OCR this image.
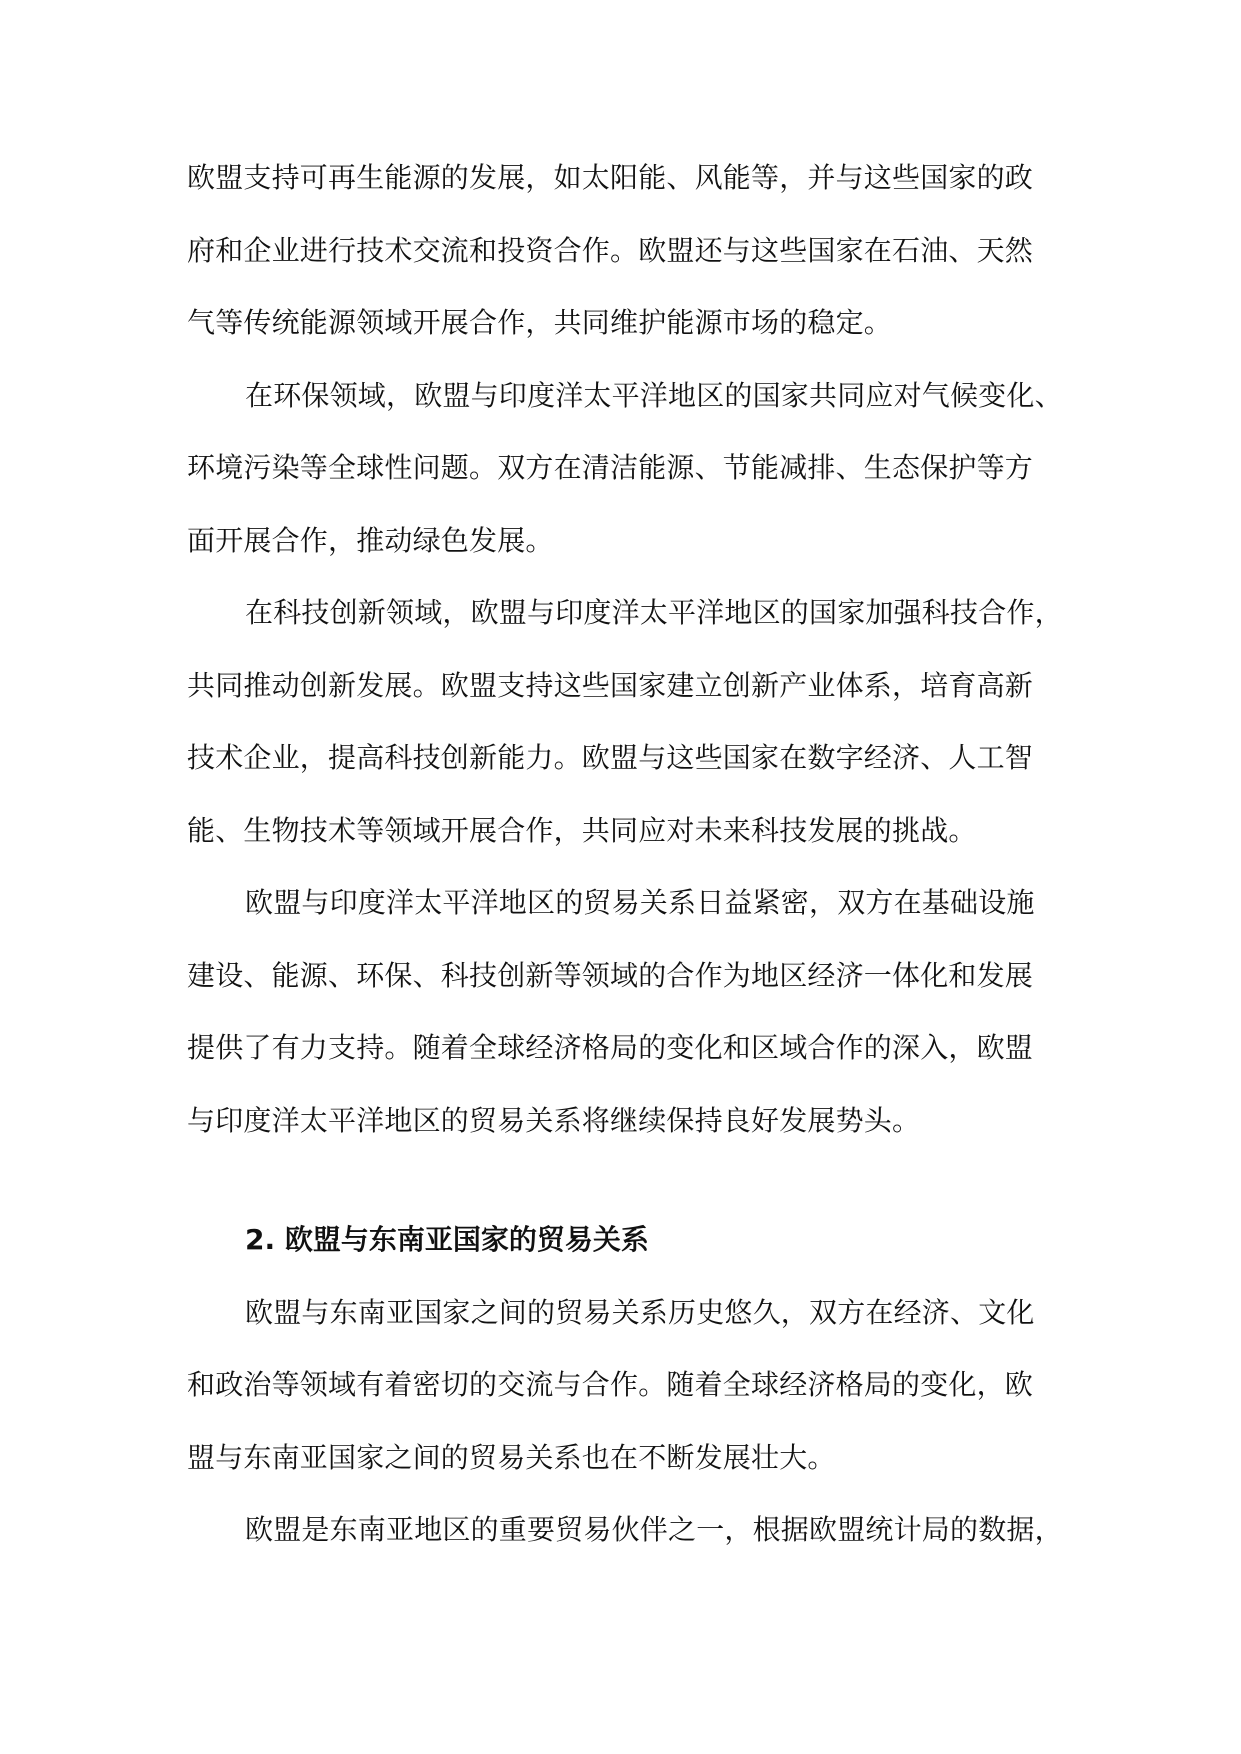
欧盟支持可再生能源的发展，如太阳能、风能等，并与这些国家的政
府和企业进行技术交流和投资合作。欧盟还与这些国家在石油、天然
气等传统能源领域开展合作，共同维护能源市场的稳定。
在环保领域，欧盟与印度洋太平洋地区的国家共同应对气候变化、
环境污染等全球性问题。双方在清洁能源、节能减排、生态保护等方
面开展合作，推动绿色发展。
在科技创新领域，欧盟与印度洋太平洋地区的国家加强科技合作，
共同推动创新发展。欧盟支持这些国家建立创新产业体系，培育高新
技术企业，提高科技创新能力。欧盟与这些国家在数字经济、人工智
能、生物技术等领域开展合作，共同应对未来科技发展的挑战。
欧盟与印度洋太平洋地区的贸易关系日益紧密，双方在基础设施
建设、能源、环保、科技创新等领域的合作为地区经济一体化和发展
提供了有力支持。随着全球经济格局的变化和区域合作的深入，欧盟
与印度洋太平洋地区的贸易关系将继续保持良好发展势头。
2. 欧盟与东南亚国家的贸易关系
欧盟与东南亚国家之间的贸易关系历史悠久，双方在经济、文化
和政治等领域有着密切的交流与合作。随着全球经济格局的变化，欧
盟与东南亚国家之间的贸易关系也在不断发展壮大。
欧盟是东南亚地区的重要贸易伙伴之一，根据欧盟统计局的数据，
